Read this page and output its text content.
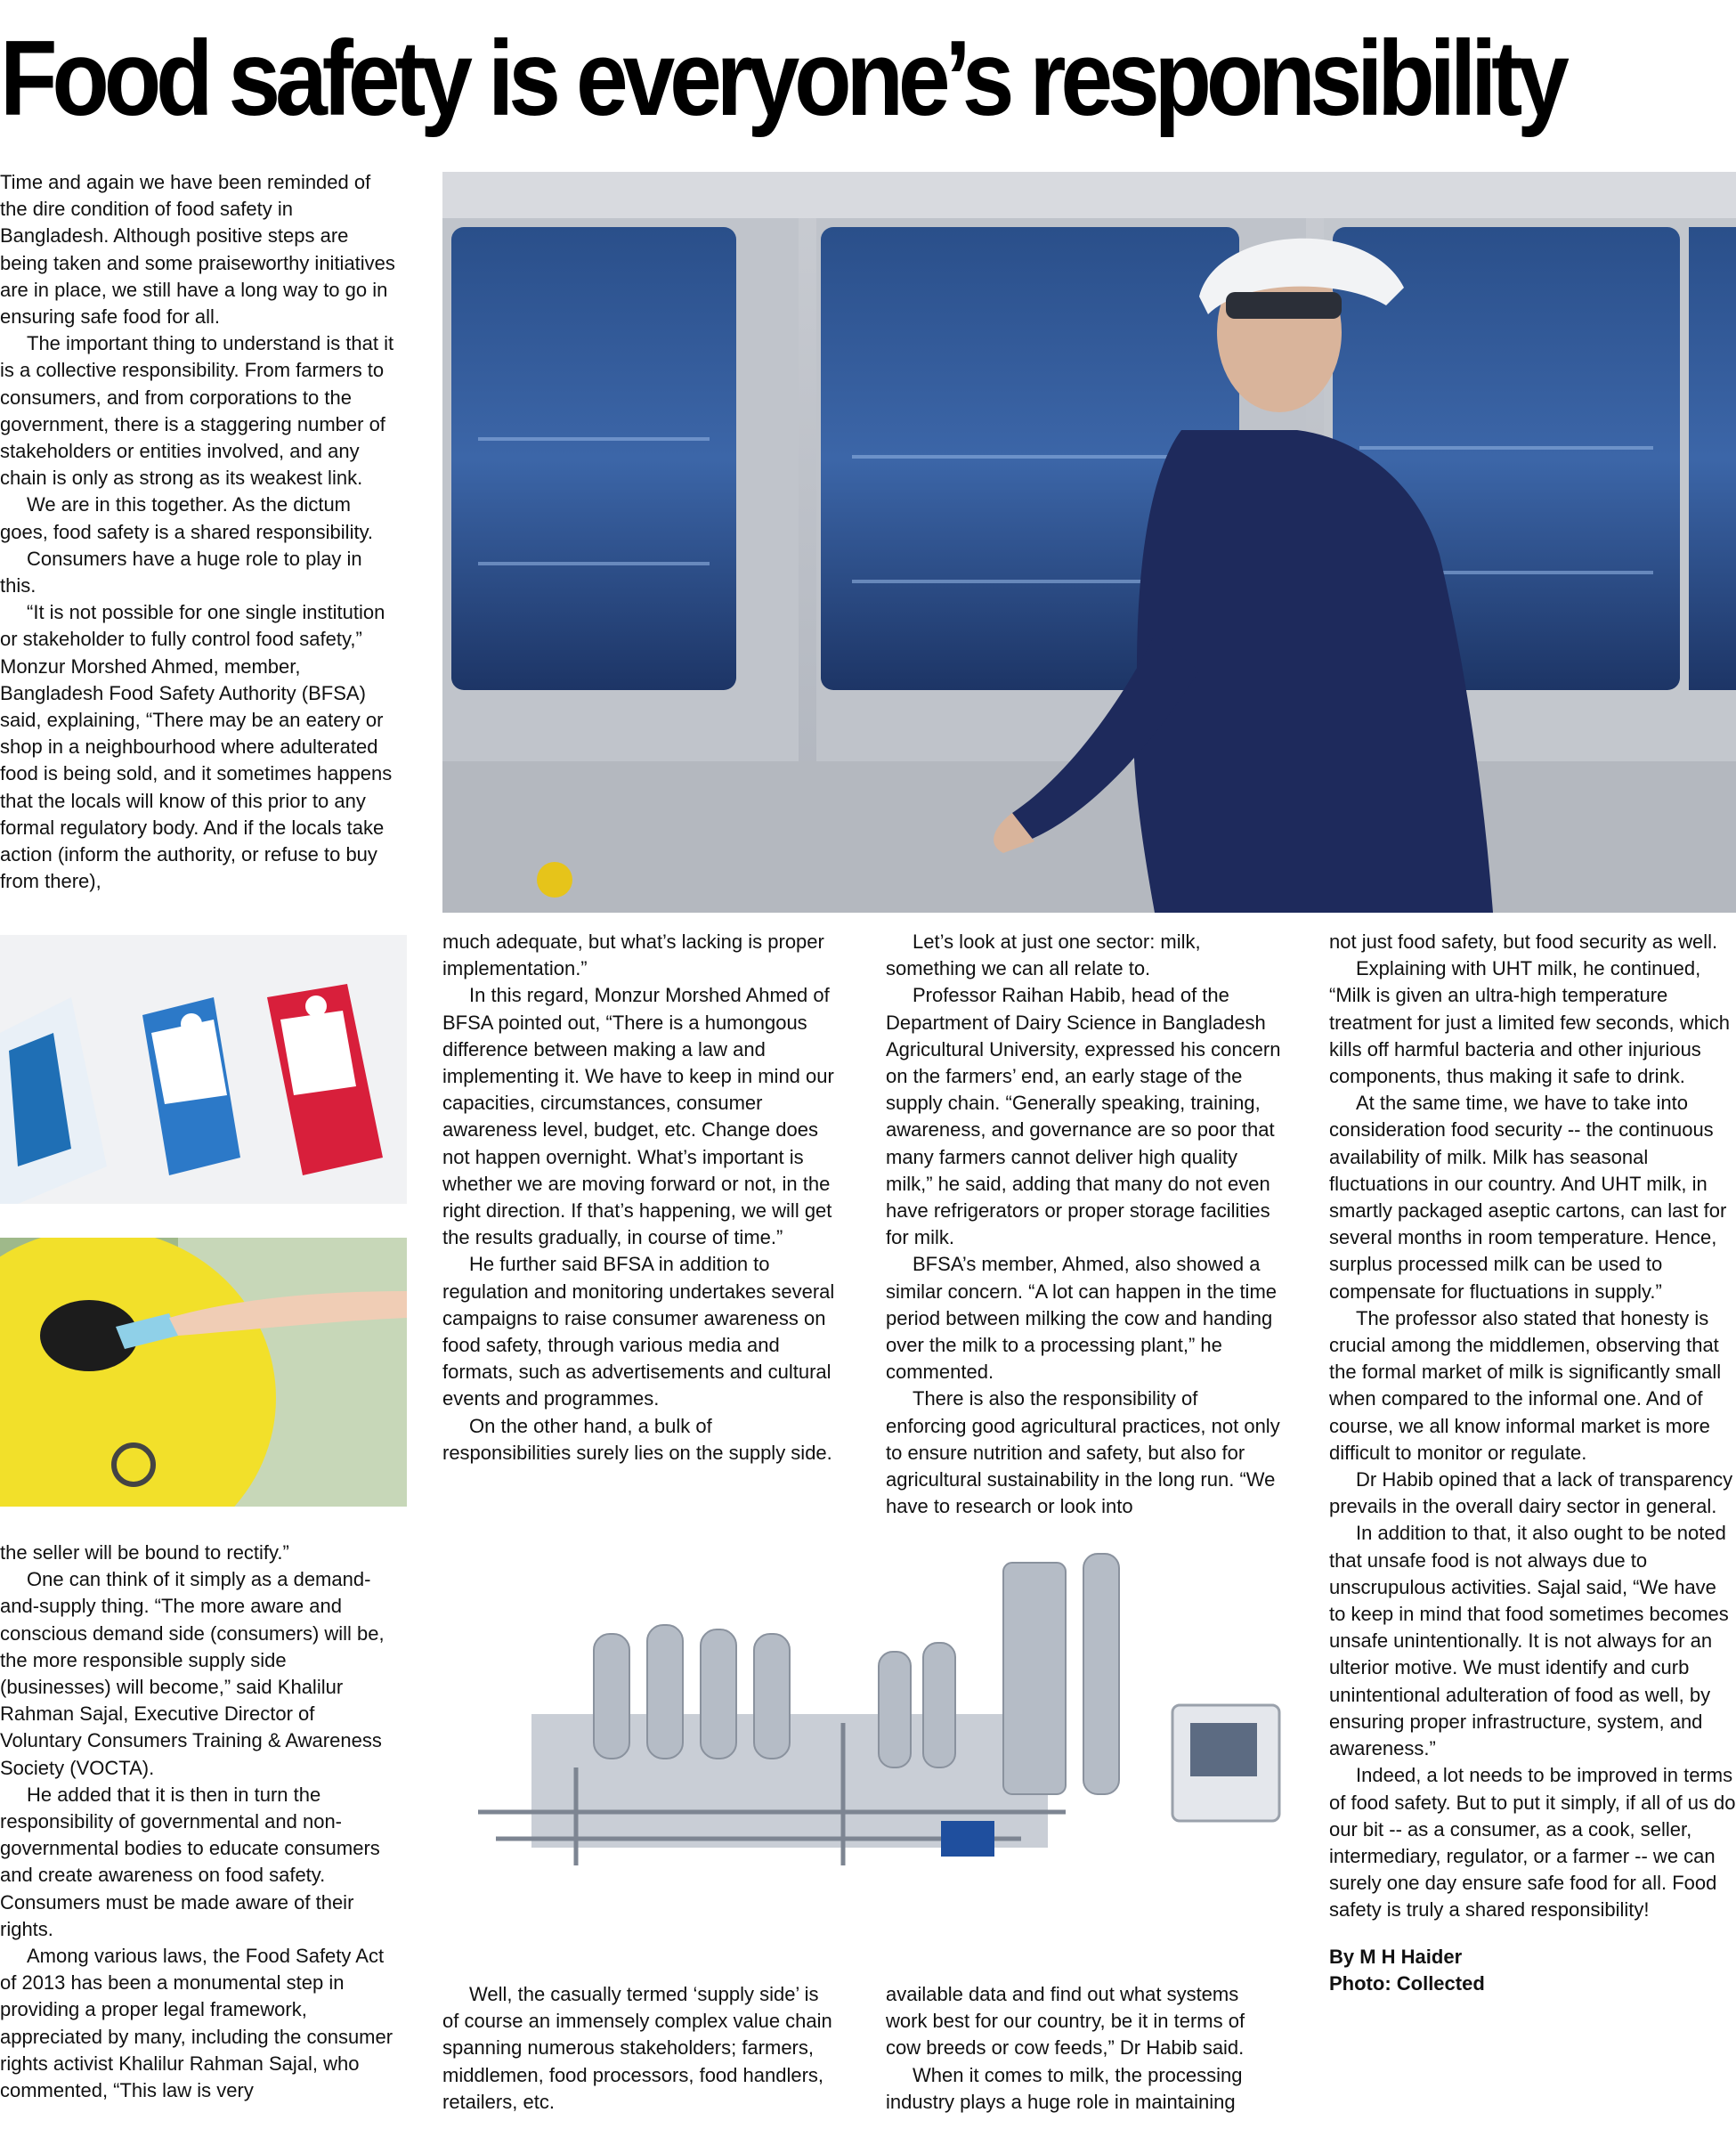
Food safety is everyone’s responsibility

Time and again we have been reminded of the dire condition of food safety in Bangladesh. Although positive steps are being taken and some praiseworthy initiatives are in place, we still have a long way to go in ensuring safe food for all.

The important thing to understand is that it is a collective responsibility. From farmers to consumers, and from corporations to the government, there is a staggering number of stakeholders or entities involved, and any chain is only as strong as its weakest link.

We are in this together. As the dictum goes, food safety is a shared responsibility.

Consumers have a huge role to play in this.

“It is not possible for one single institution or stakeholder to fully control food safety,” Monzur Morshed Ahmed, member, Bangladesh Food Safety Authority (BFSA) said, explaining, “There may be an eatery or shop in a neighbourhood where adulterated food is being sold, and it sometimes happens that the locals will know of this prior to any formal regulatory body. And if the locals take action (inform the authority, or refuse to buy from there),

the seller will be bound to rectify.”

One can think of it simply as a demand-and-supply thing. “The more aware and conscious demand side (consumers) will be, the more responsible supply side (businesses) will become,” said Khalilur Rahman Sajal, Executive Director of Voluntary Consumers Training & Awareness Society (VOCTA).

He added that it is then in turn the responsibility of governmental and non-governmental bodies to educate consumers and create awareness on food safety. Consumers must be made aware of their rights.

Among various laws, the Food Safety Act of 2013 has been a monumental step in providing a proper legal framework, appreciated by many, including the consumer rights activist Khalilur Rahman Sajal, who commented, “This law is very

much adequate, but what’s lacking is proper implementation.”

In this regard, Monzur Morshed Ahmed of BFSA pointed out, “There is a humongous difference between making a law and implementing it. We have to keep in mind our capacities, circumstances, consumer awareness level, budget, etc. Change does not happen overnight. What’s important is whether we are moving forward or not, in the right direction. If that’s happening, we will get the results gradually, in course of time.”

He further said BFSA in addition to regulation and monitoring undertakes several campaigns to raise consumer awareness on food safety, through various media and formats, such as advertisements and cultural events and programmes.

On the other hand, a bulk of responsibilities surely lies on the supply side.

Let’s look at just one sector: milk, something we can all relate to.

Professor Raihan Habib, head of the Department of Dairy Science in Bangladesh Agricultural University, expressed his concern on the farmers’ end, an early stage of the supply chain. “Generally speaking, training, awareness, and governance are so poor that many farmers cannot deliver high quality milk,” he said, adding that many do not even have refrigerators or proper storage facilities for milk.

BFSA’s member, Ahmed, also showed a similar concern. “A lot can happen in the time period between milking the cow and handing over the milk to a processing plant,” he commented.

There is also the responsibility of enforcing good agricultural practices, not only to ensure nutrition and safety, but also for agricultural sustainability in the long run. “We have to research or look into

Well, the casually termed ‘supply side’ is of course an immensely complex value chain spanning numerous stakeholders; farmers, middlemen, food processors, food handlers, retailers, etc.

available data and find out what systems work best for our country, be it in terms of cow breeds or cow feeds,” Dr Habib said.

When it comes to milk, the processing industry plays a huge role in maintaining

not just food safety, but food security as well.

Explaining with UHT milk, he continued, “Milk is given an ultra-high temperature treatment for just a limited few seconds, which kills off harmful bacteria and other injurious components, thus making it safe to drink.

At the same time, we have to take into consideration food security -- the continuous availability of milk. Milk has seasonal fluctuations in our country. And UHT milk, in smartly packaged aseptic cartons, can last for several months in room temperature. Hence, surplus processed milk can be used to compensate for fluctuations in supply.”

The professor also stated that honesty is crucial among the middlemen, observing that the formal market of milk is significantly small when compared to the informal one. And of course, we all know informal market is more difficult to monitor or regulate.

Dr Habib opined that a lack of transparency prevails in the overall dairy sector in general.

In addition to that, it also ought to be noted that unsafe food is not always due to unscrupulous activities. Sajal said, “We have to keep in mind that food sometimes becomes unsafe unintentionally. It is not always for an ulterior motive. We must identify and curb unintentional adulteration of food as well, by ensuring proper infrastructure, system, and awareness.”

Indeed, a lot needs to be improved in terms of food safety. But to put it simply, if all of us do our bit -- as a consumer, as a cook, seller, intermediary, regulator, or a farmer -- we can surely one day ensure safe food for all. Food safety is truly a shared responsibility!

By M H Haider

Photo: Collected
